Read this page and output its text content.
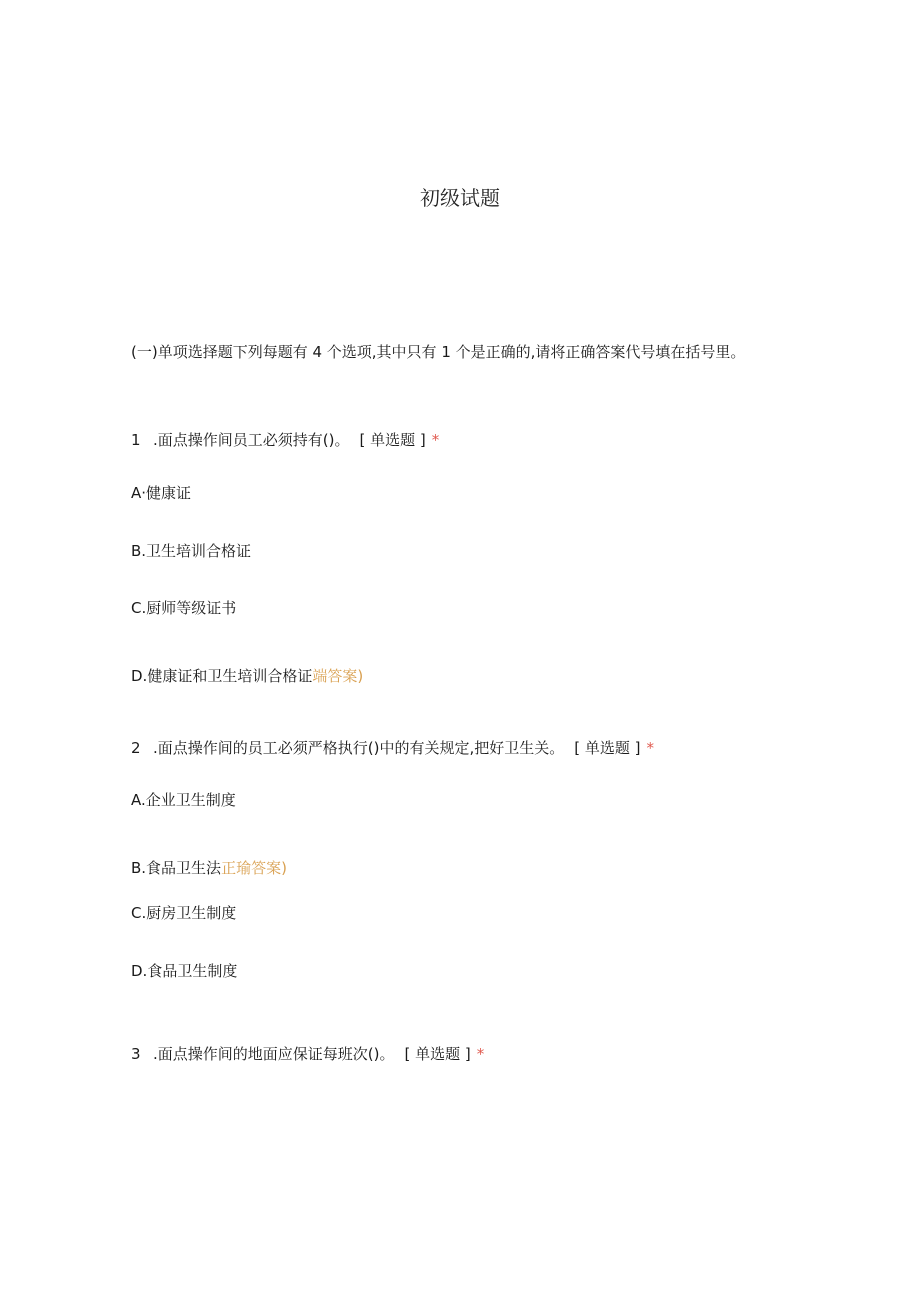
初级试题
(一)单项选择题下列每题有 4 个选项,其中只有 1 个是正确的,请将正确答案代号填在括号里。
1 .面点操作间员工必须持有()。 [ 单选题 ] *
A·健康证
B.卫生培训合格证
C.厨师等级证书
D.健康证和卫生培训合格证端答案)
2 .面点操作间的员工必须严格执行()中的有关规定,把好卫生关。 [ 单选题 ] *
A.企业卫生制度
B.食品卫生法正瑜答案)
C.厨房卫生制度
D.食品卫生制度
3 .面点操作间的地面应保证每班次()。 [ 单选题 ] *
